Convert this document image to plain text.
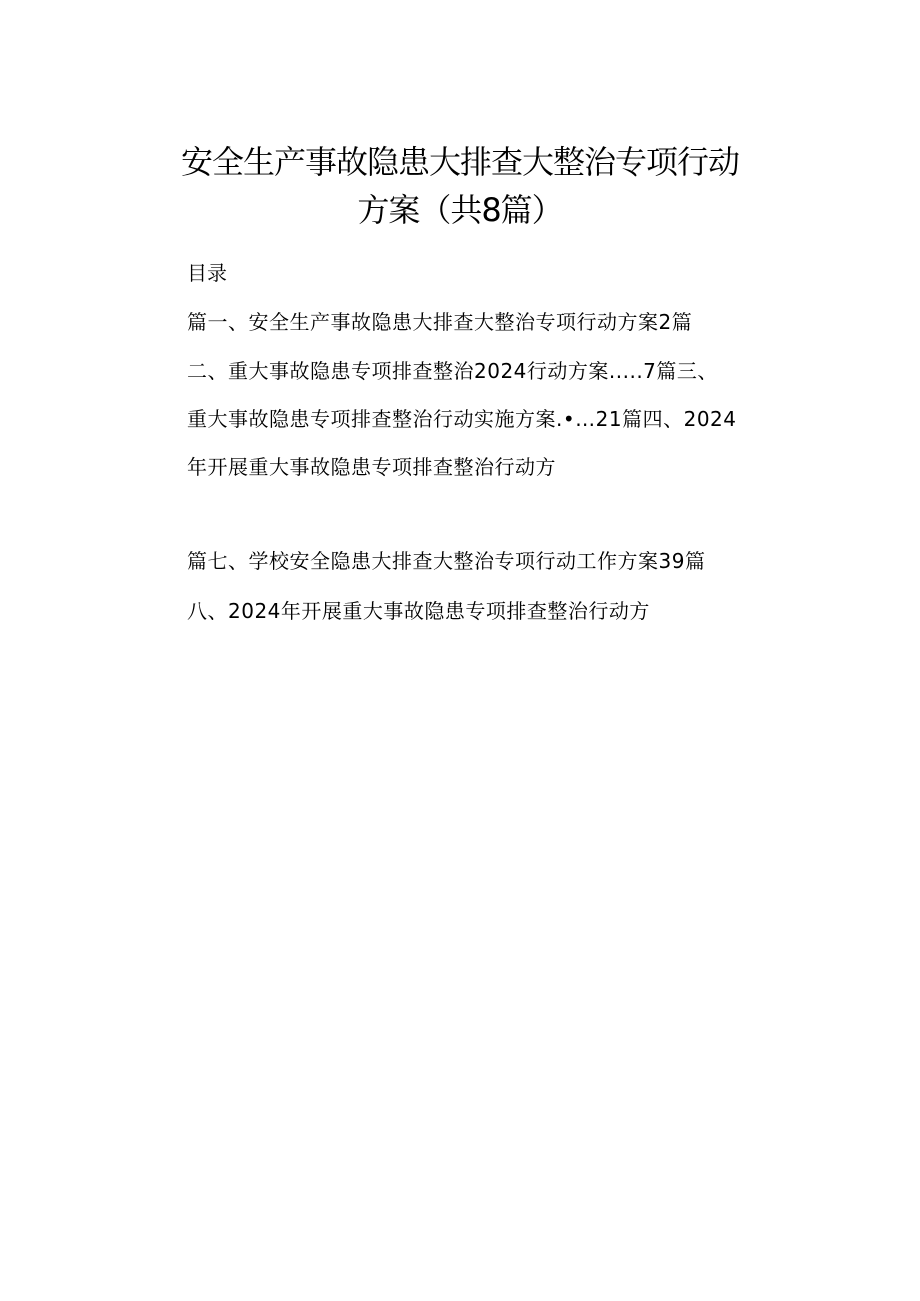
安全生产事故隐患大排查大整治专项行动
方案（共8篇）
目录
篇一、安全生产事故隐患大排查大整治专项行动方案2篇
二、重大事故隐患专项排查整治2024行动方案.....7篇三、
重大事故隐患专项排查整治行动实施方案.•…21篇四、2024
年开展重大事故隐患专项排查整治行动方
篇七、学校安全隐患大排查大整治专项行动工作方案39篇
八、2024年开展重大事故隐患专项排查整治行动方
